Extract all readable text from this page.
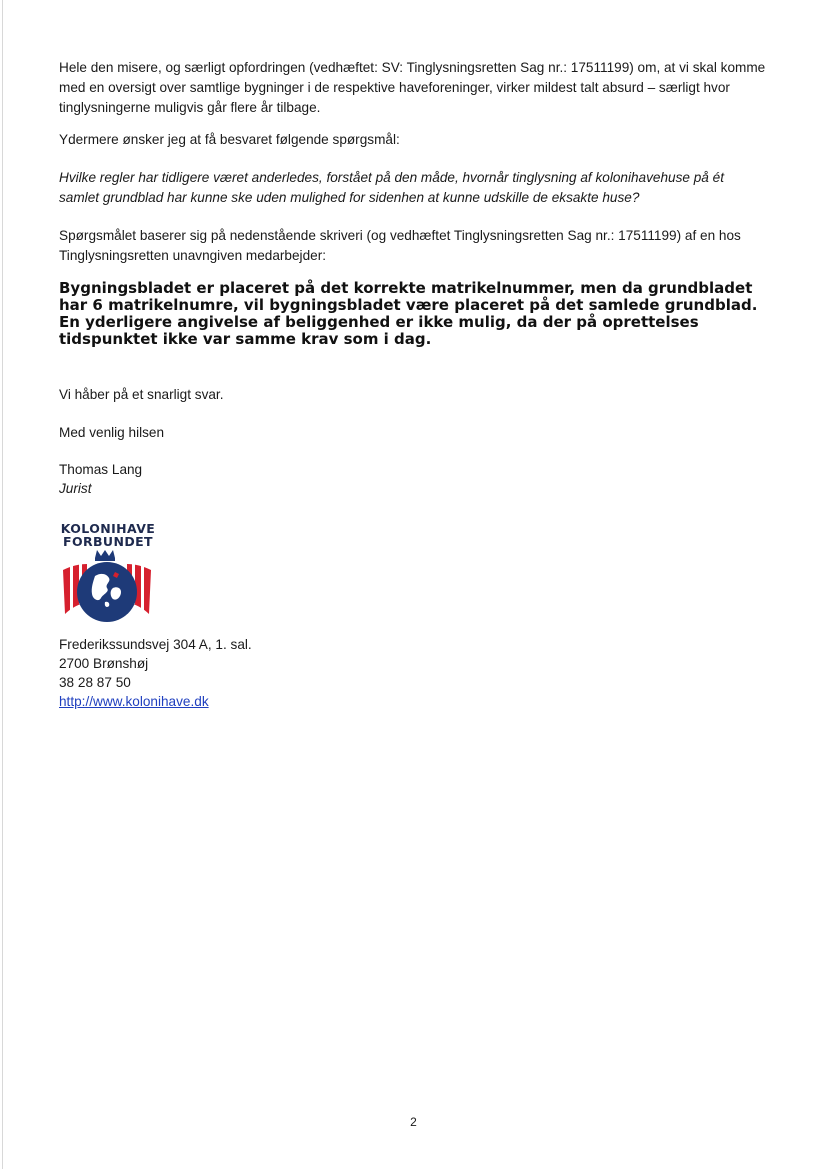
Hele den misere, og særligt opfordringen (vedhæftet: SV: Tinglysningsretten Sag nr.: 17511199) om, at vi skal komme med en oversigt over samtlige bygninger i de respektive haveforeninger, virker mildest talt absurd – særligt hvor tinglysningerne muligvis går flere år tilbage.

Ydermere ønsker jeg at få besvaret følgende spørgsmål:

Hvilke regler har tidligere været anderledes, forstået på den måde, hvornår tinglysning af kolonihavehuse på ét samlet grundblad har kunne ske uden mulighed for sidenhen at kunne udskille de eksakte huse?

Spørgsmålet baserer sig på nedenstående skriveri (og vedhæftet Tinglysningsretten Sag nr.: 17511199) af en hos Tinglysningsretten unavngiven medarbejder:

Bygningsbladet er placeret på det korrekte matrikelnummer, men da grundbladet har 6 matrikelnumre, vil bygningsbladet være placeret på det samlede grundblad. En yderligere angivelse af beliggenhed er ikke mulig, da der på oprettelses tidspunktet ikke var samme krav som i dag.

Vi håber på et snarligt svar.

Med venlig hilsen

Thomas Lang

Jurist

KOLONIHAVE
FORBUNDET

Frederikssundsvej 304 A, 1. sal.

2700 Brønshøj

38 28 87 50

http://www.kolonihave.dk

2
